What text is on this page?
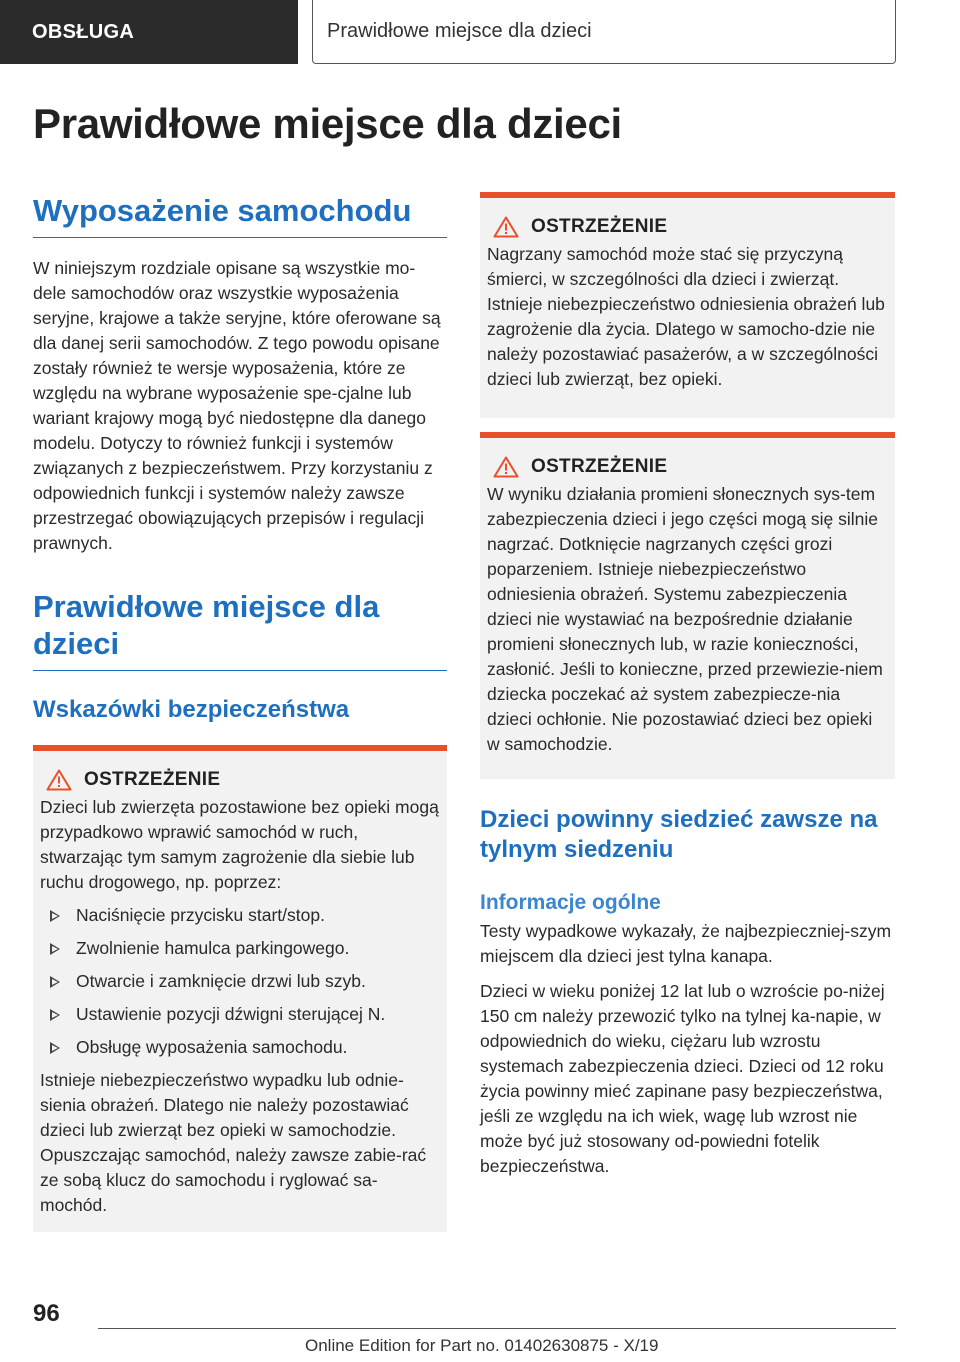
OBSŁUGA	Prawidłowe miejsce dla dzieci
Prawidłowe miejsce dla dzieci
Wyposażenie samochodu

W niniejszym rozdziale opisane są wszystkie mo-dele samochodów oraz wszystkie wyposażenia seryjne, krajowe a także seryjne, które oferowane są dla danej serii samochodów. Z tego powodu opisane zostały również te wersje wyposażenia, które ze względu na wybrane wyposażenie spe-cjalne lub wariant krajowy mogą być niedostępne dla danego modelu. Dotyczy to również funkcji i systemów związanych z bezpieczeństwem. Przy korzystaniu z odpowiednich funkcji i systemów należy zawsze przestrzegać obowiązujących przepisów i regulacji prawnych.

Prawidłowe miejsce dla dzieci
Wskazówki bezpieczeństwa
OSTRZEŻENIE

Dzieci lub zwierzęta pozostawione bez opieki mogą przypadkowo wprawić samochód w ruch, stwarzając tym samym zagrożenie dla siebie lub ruchu drogowego, np. poprzez:

Naciśnięcie przycisku start/stop.
Zwolnienie hamulca parkingowego.
Otwarcie i zamknięcie drzwi lub szyb.
Ustawienie pozycji dźwigni sterującej N.
Obsługę wyposażenia samochodu.

Istnieje niebezpieczeństwo wypadku lub odnie-sienia obrażeń. Dlatego nie należy pozostawiać dzieci lub zwierząt bez opieki w samochodzie. Opuszczając samochód, należy zawsze zabie-rać ze sobą klucz do samochodu i ryglować sa-mochód.

OSTRZEŻENIE

Nagrzany samochód może stać się przyczyną śmierci, w szczególności dla dzieci i zwierząt. Istnieje niebezpieczeństwo odniesienia obrażeń lub zagrożenie dla życia. Dlatego w samocho-dzie nie należy pozostawiać pasażerów, a w szczególności dzieci lub zwierząt, bez opieki.

OSTRZEŻENIE

W wyniku działania promieni słonecznych sys-tem zabezpieczenia dzieci i jego części mogą się silnie nagrzać. Dotknięcie nagrzanych części grozi poparzeniem. Istnieje niebezpieczeństwo odniesienia obrażeń. Systemu zabezpieczenia dzieci nie wystawiać na bezpośrednie działanie promieni słonecznych lub, w razie konieczności, zasłonić. Jeśli to konieczne, przed przewiezie-niem dziecka poczekać aż system zabezpiecze-nia dzieci ochłonie. Nie pozostawiać dzieci bez opieki w samochodzie.

Dzieci powinny siedzieć zawsze na tylnym siedzeniu
Informacje ogólne

Testy wypadkowe wykazały, że najbezpieczniej-szym miejscem dla dzieci jest tylna kanapa.

Dzieci w wieku poniżej 12 lat lub o wzroście po-niżej 150 cm należy przewozić tylko na tylnej ka-napie, w odpowiednich do wieku, ciężaru lub wzrostu systemach zabezpieczenia dzieci. Dzieci od 12 roku życia powinny mieć zapinane pasy bezpieczeństwa, jeśli ze względu na ich wiek, wagę lub wzrost nie może być już stosowany od-powiedni fotelik bezpieczeństwa.

96
Online Edition for Part no. 01402630875 - X/19
